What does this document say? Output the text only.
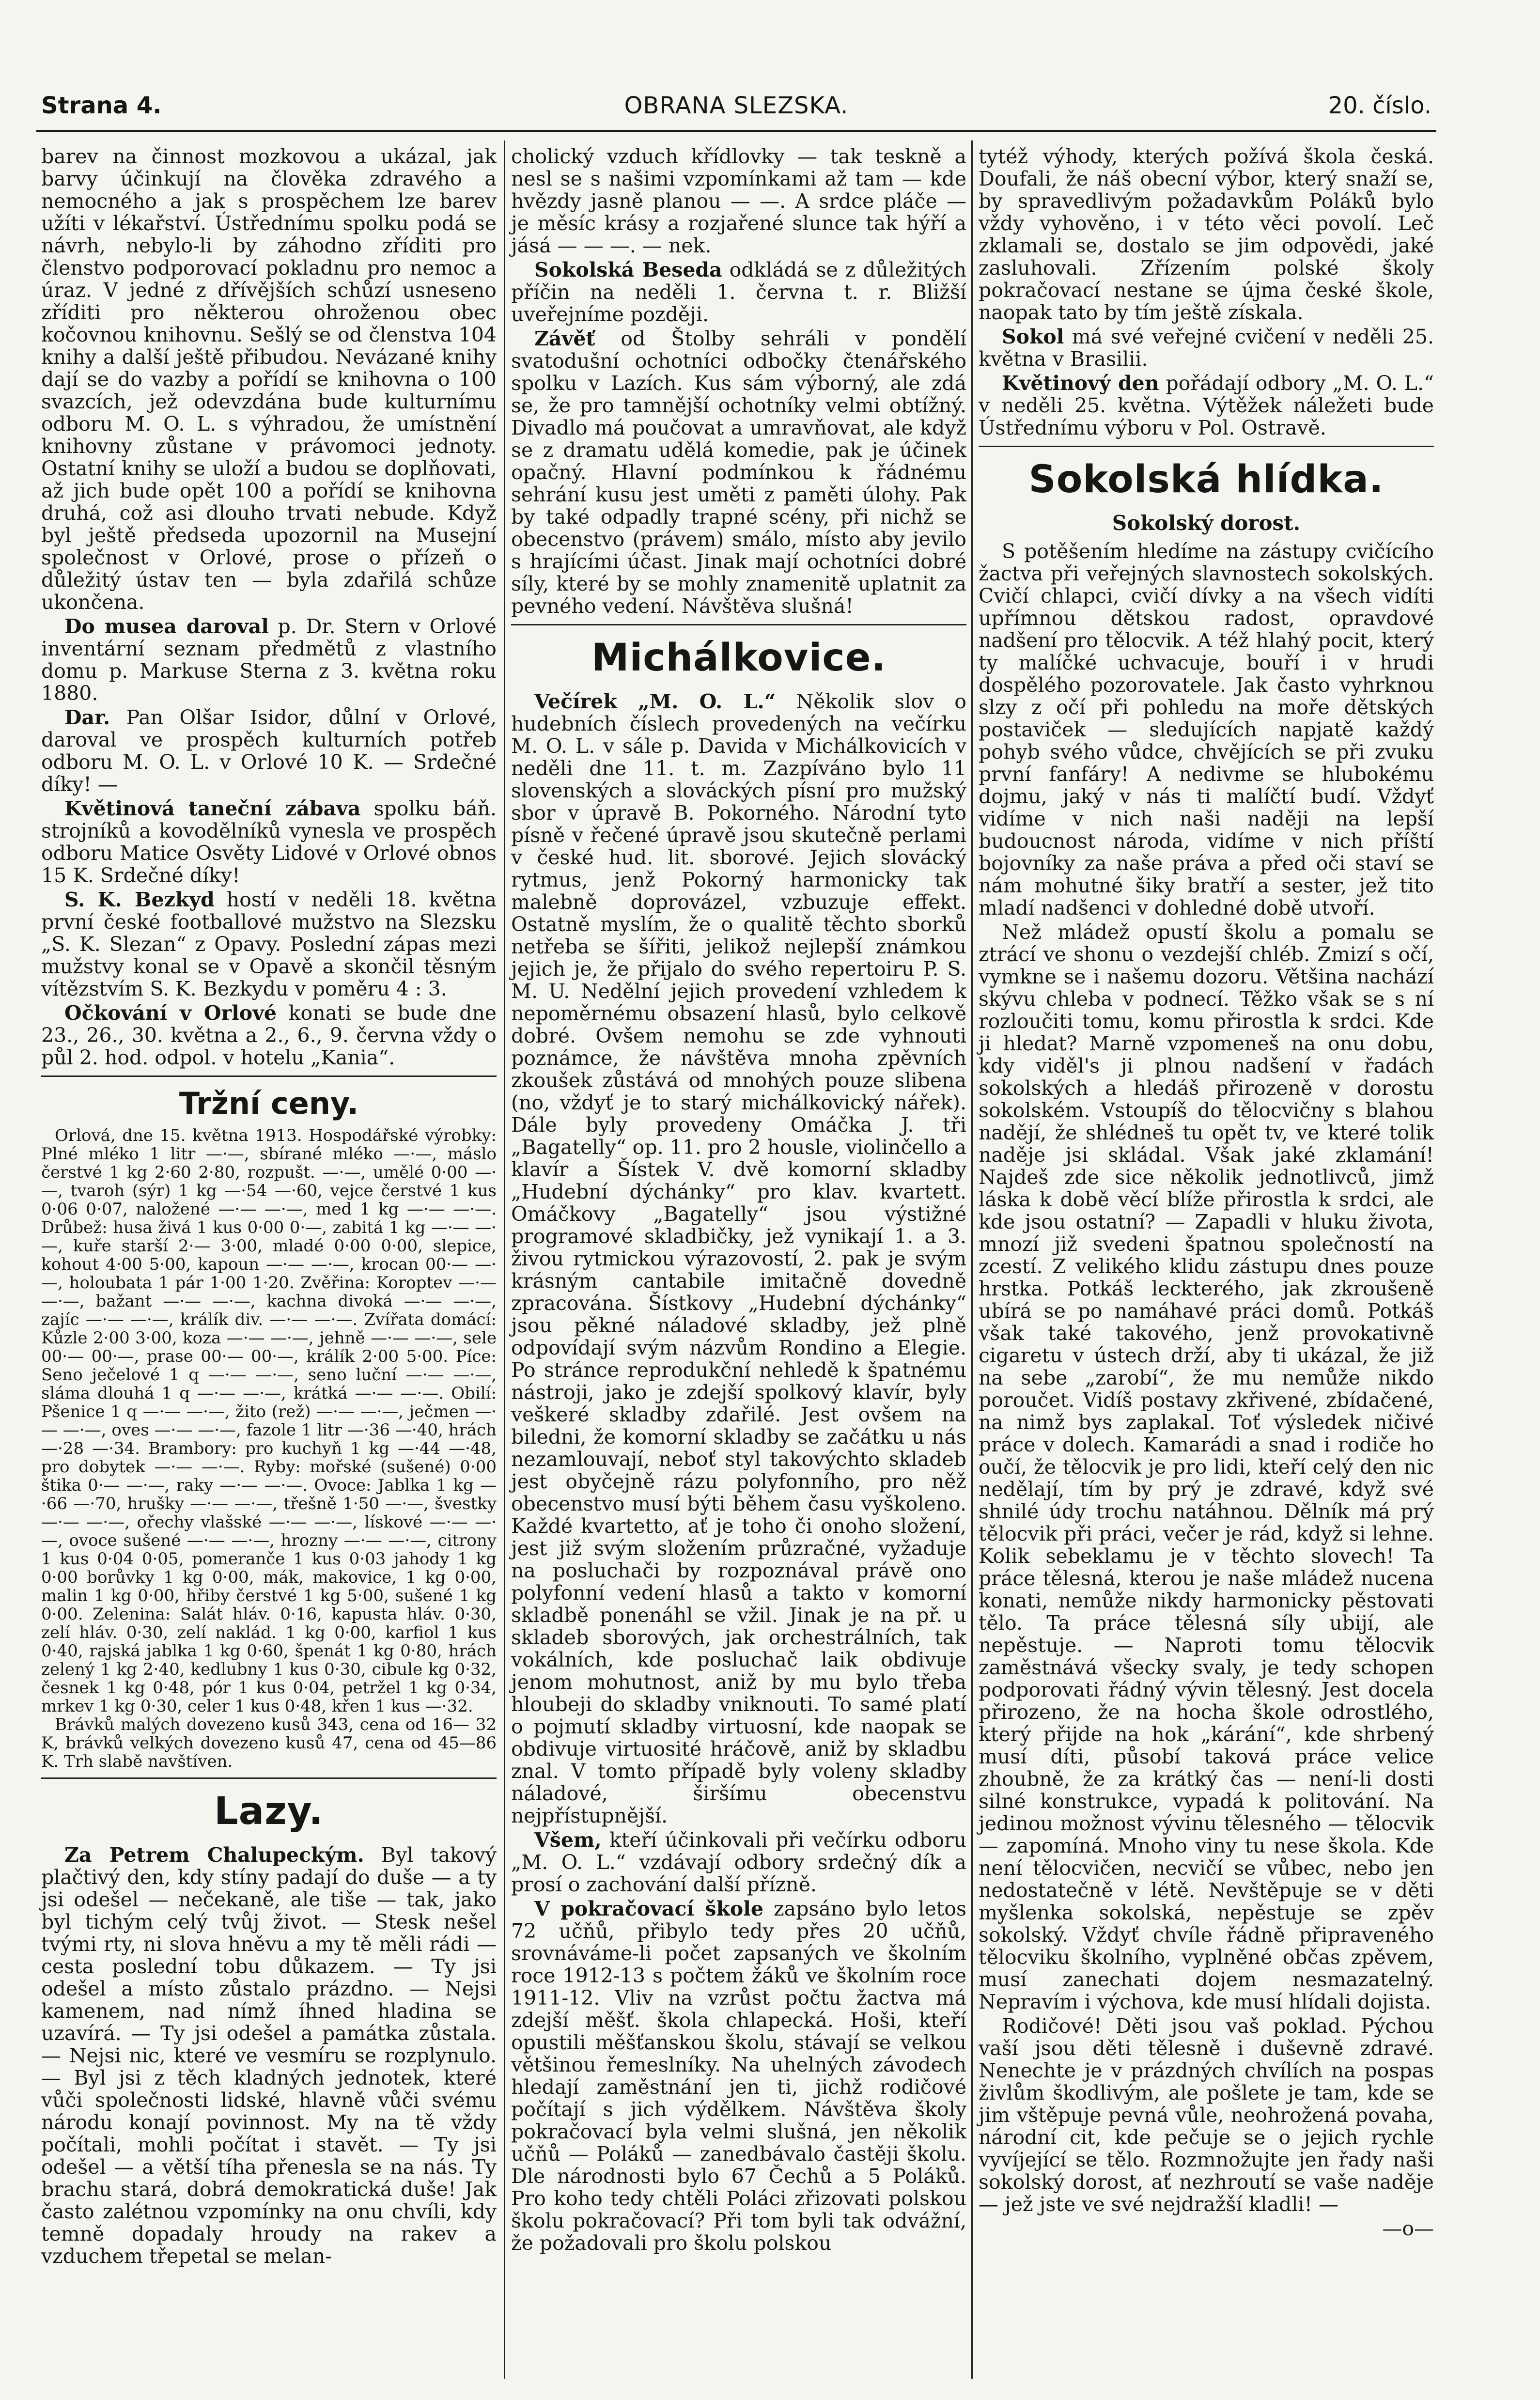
Strana 4.	OBRANA SLEZSKA.	20. číslo.

barev na činnost mozkovou a ukázal, jak barvy účinkují na člověka zdravého a nemocného a jak s prospěchem lze barev užíti v lékařství. Ústřednímu spolku podá se návrh, nebylo-li by záhodno zříditi pro členstvo podporovací pokladnu pro nemoc a úraz. V jedné z dřívějších schůzí usneseno zříditi pro některou ohroženou obec kočovnou knihovnu. Sešlý se od členstva 104 knihy a další ještě přibudou. Nevázané knihy dají se do vazby a pořídí se knihovna o 100 svazcích, jež odevzdána bude kulturnímu odboru M. O. L. s výhradou, že umístnění knihovny zůstane v právomoci jednoty. Ostatní knihy se uloží a budou se doplňovati, až jich bude opět 100 a pořídí se knihovna druhá, což asi dlouho trvati nebude. Když byl ještě předseda upozornil na Musejní společnost v Orlové, prose o přízeň o důležitý ústav ten — byla zdařilá schůze ukončena.

Do musea daroval p. Dr. Stern v Orlové inventární seznam předmětů z vlastního domu p. Markuse Sterna z 3. května roku 1880.

Dar. Pan Olšar Isidor, důlní v Orlové, daroval ve prospěch kulturních potřeb odboru M. O. L. v Orlové 10 K. — Srdečné díky! —

Květinová taneční zábava spolku báň. strojníků a kovodělníků vynesla ve prospěch odboru Matice Osvěty Lidové v Orlové obnos 15 K. Srdečné díky!

S. K. Bezkyd hostí v neděli 18. května první české footballové mužstvo na Slezsku „S. K. Slezan“ z Opavy. Poslední zápas mezi mužstvy konal se v Opavě a skončil těsným vítězstvím S. K. Bezkydu v poměru 4 : 3.

Očkování v Orlové konati se bude dne 23., 26., 30. května a 2., 6., 9. června vždy o půl 2. hod. odpol. v hotelu „Kania“.

Tržní ceny.

Orlová, dne 15. května 1913. Hospodářské výrobky: Plné mléko 1 litr —·—, sbírané mléko —·—, máslo čerstvé 1 kg 2·60 2·80, rozpušt. —·—, umělé 0·00 —·—, tvaroh (sýr) 1 kg —·54 —·60, vejce čerstvé 1 kus 0·06 0·07, naložené —·— —·—, med 1 kg —·— —·—. Drůbež: husa živá 1 kus 0·00 0·—, zabitá 1 kg —·— —·—, kuře starší 2·— 3·00, mladé 0·00 0·00, slepice, kohout 4·00 5·00, kapoun —·— —·—, krocan 00·— —·—, holoubata 1 pár 1·00 1·20. Zvěřina: Koroptev —·— —·—, bažant —·— —·—, kachna divoká —·— —·—, zajíc —·— —·—, králík div. —·— —·—. Zvířata domácí: Kůzle 2·00 3·00, koza —·— —·—, jehně —·— —·—, sele 00·— 00·—, prase 00·— 00·—, králík 2·00 5·00. Píce: Seno ječelové 1 q —·— —·—, seno luční —·— —·—, sláma dlouhá 1 q —·— —·—, krátká —·— —·—. Obilí: Pšenice 1 q —·— —·—, žito (rež) —·— —·—, ječmen —·— —·—, oves —·— —·—, fazole 1 litr —·36 —·40, hrách —·28 —·34. Brambory: pro kuchyň 1 kg —·44 —·48, pro dobytek —·— —·—. Ryby: mořské (sušené) 0·00 štika 0·— —·—, raky —·— —·—. Ovoce: Jablka 1 kg —·66 —·70, hrušky —·— —·—, třešně 1·50 —·—, švestky —·— —·—, ořechy vlašské —·— —·—, lískové —·— —·—, ovoce sušené —·— —·—, hrozny —·— —·—, citrony 1 kus 0·04 0·05, pomeranče 1 kus 0·03 jahody 1 kg 0·00 borůvky 1 kg 0·00, mák, makovice, 1 kg 0·00, malin 1 kg 0·00, hřiby čerstvé 1 kg 5·00, sušené 1 kg 0·00. Zelenina: Salát hláv. 0·16, kapusta hláv. 0·30, zelí hláv. 0·30, zelí naklád. 1 kg 0·00, karfiol 1 kus 0·40, rajská jablka 1 kg 0·60, špenát 1 kg 0·80, hrách zelený 1 kg 2·40, kedlubny 1 kus 0·30, cibule kg 0·32, česnek 1 kg 0·48, pór 1 kus 0·04, petržel 1 kg 0·34, mrkev 1 kg 0·30, celer 1 kus 0·48, křen 1 kus —·32.

Brávků malých dovezeno kusů 343, cena od 16— 32 K, brávků velkých dovezeno kusů 47, cena od 45—86 K. Trh slabě navštíven.

Lazy.

Za Petrem Chalupeckým. Byl takový plačtivý den, kdy stíny padají do duše — a ty jsi odešel — nečekaně, ale tiše — tak, jako byl tichým celý tvůj život. — Stesk nešel tvými rty, ni slova hněvu a my tě měli rádi — cesta poslední tobu důkazem. — Ty jsi odešel a místo zůstalo prázdno. — Nejsi kamenem, nad nímž íhned hladina se uzavírá. — Ty jsi odešel a památka zůstala. — Nejsi nic, které ve vesmíru se rozplynulo. — Byl jsi z těch kladných jednotek, které vůči společnosti lidské, hlavně vůči svému národu konají povinnost. My na tě vždy počítali, mohli počítat i stavět. — Ty jsi odešel — a větší tíha přenesla se na nás. Ty brachu stará, dobrá demokratická duše! Jak často zalétnou vzpomínky na onu chvíli, kdy temně dopadaly hroudy na rakev a vzduchem třepetal se melan-

cholický vzduch křídlovky — tak teskně a nesl se s našimi vzpomínkami až tam — kde hvězdy jasně planou — —. A srdce pláče — je měsíc krásy a rozjařené slunce tak hýří a jásá — — —. — nek.

Sokolská Beseda odkládá se z důležitých příčin na neděli 1. června t. r. Bližší uveřejníme později.

Závěť od Štolby sehráli v pondělí svatodušní ochotníci odbočky čtenářského spolku v Lazích. Kus sám výborný, ale zdá se, že pro tamnější ochotníky velmi obtížný. Divadlo má poučovat a umravňovat, ale když se z dramatu udělá komedie, pak je účinek opačný. Hlavní podmínkou k řádnému sehrání kusu jest uměti z paměti úlohy. Pak by také odpadly trapné scény, při nichž se obecenstvo (právem) smálo, místo aby jevilo s hrajícími účast. Jinak mají ochotníci dobré síly, které by se mohly znamenitě uplatnit za pevného vedení. Návštěva slušná!

Michálkovice.

Večírek „M. O. L.“ Několik slov o hudebních číslech provedených na večírku M. O. L. v sále p. Davida v Michálkovicích v neděli dne 11. t. m. Zazpíváno bylo 11 slovenských a slováckých písní pro mužský sbor v úpravě B. Pokorného. Národní tyto písně v řečené úpravě jsou skutečně perlami v české hud. lit. sborové. Jejich slovácký rytmus, jenž Pokorný harmonicky tak malebně doprovázel, vzbuzuje effekt. Ostatně myslím, že o qualitě těchto sborků netřeba se šířiti, jelikož nejlepší známkou jejich je, že přijalo do svého repertoiru P. S. M. U. Nedělní jejich provedení vzhledem k nepoměrnému obsazení hlasů, bylo celkově dobré. Ovšem nemohu se zde vyhnouti poznámce, že návštěva mnoha zpěvních zkoušek zůstává od mnohých pouze slibena (no, vždyť je to starý michálkovický nářek). Dále byly provedeny Omáčka J. tři „Bagatelly“ op. 11. pro 2 housle, violinčello a klavír a Šístek V. dvě komorní skladby „Hudební dýchánky“ pro klav. kvartett. Omáčkovy „Bagatelly“ jsou výstižné programové skladbičky, jež vynikají 1. a 3. živou rytmickou výrazovostí, 2. pak je svým krásným cantabile imitačně dovedně zpracována. Šístkovy „Hudební dýchánky“ jsou pěkné náladové skladby, jež plně odpovídají svým názvům Rondino a Elegie. Po stránce reprodukční nehledě k špatnému nástroji, jako je zdejší spolkový klavír, byly veškeré skladby zdařilé. Jest ovšem na biledni, že komorní skladby se začátku u nás nezamlouvají, neboť styl takovýchto skladeb jest obyčejně rázu polyfonního, pro něž obecenstvo musí býti během času vyškoleno. Každé kvartetto, ať je toho či onoho složení, jest již svým složením průzračné, vyžaduje na posluchači by rozpoznával právě ono polyfonní vedení hlasů a takto v komorní skladbě ponenáhl se vžil. Jinak je na př. u skladeb sborových, jak orchestrálních, tak vokálních, kde posluchač laik obdivuje jenom mohutnost, aniž by mu bylo třeba hloubeji do skladby vniknouti. To samé platí o pojmutí skladby virtuosní, kde naopak se obdivuje virtuosité hráčově, aniž by skladbu znal. V tomto případě byly voleny skladby náladové, širšímu obecenstvu nejpřístupnější.

Všem, kteří účinkovali při večírku odboru „M. O. L.“ vzdávají odbory srdečný dík a prosí o zachování další přízně.

V pokračovací škole zapsáno bylo letos 72 učňů, přibylo tedy přes 20 učňů, srovnáváme-li počet zapsaných ve školním roce 1912-13 s počtem žáků ve školním roce 1911-12. Vliv na vzrůst počtu žactva má zdejší měšť. škola chlapecká. Hoši, kteří opustili měšťanskou školu, stávají se velkou většinou řemeslníky. Na uhelných závodech hledají zaměstnání jen ti, jichž rodičové počítají s jich výdělkem. Návštěva školy pokračovací byla velmi slušná, jen několik učňů — Poláků — zanedbávalo častěji školu. Dle národnosti bylo 67 Čechů a 5 Poláků. Pro koho tedy chtěli Poláci zřizovati polskou školu pokračovací? Při tom byli tak odvážní, že požadovali pro školu polskou

tytéž výhody, kterých požívá škola česká. Doufali, že náš obecní výbor, který snaží se, by spravedlivým požadavkům Poláků bylo vždy vyhověno, i v této věci povolí. Leč zklamali se, dostalo se jim odpovědi, jaké zasluhovali. Zřízením polské školy pokračovací nestane se újma české škole, naopak tato by tím ještě získala.

Sokol má své veřejné cvičení v neděli 25. května v Brasilii.

Květinový den pořádají odbory „M. O. L.“ v neděli 25. května. Výtěžek náležeti bude Ústřednímu výboru v Pol. Ostravě.

Sokolská hlídka.
Sokolský dorost.

S potěšením hledíme na zástupy cvičícího žactva při veřejných slavnostech sokolských. Cvičí chlapci, cvičí dívky a na všech vidíti upřímnou dětskou radost, opravdové nadšení pro tělocvik. A též hlahý pocit, který ty malíčké uchvacuje, bouří i v hrudi dospělého pozorovatele. Jak často vyhrknou slzy z očí při pohledu na moře dětských postaviček — sledujících napjatě každý pohyb svého vůdce, chvějících se při zvuku první fanfáry! A nedivme se hlubokému dojmu, jaký v nás ti malíčtí budí. Vždyť vidíme v nich naši naději na lepší budoucnost národa, vidíme v nich příští bojovníky za naše práva a před oči staví se nám mohutné šiky bratří a sester, jež tito mladí nadšenci v dohledné době utvoří.

Než mládež opustí školu a pomalu se ztrácí ve shonu o vezdejší chléb. Zmizí s očí, vymkne se i našemu dozoru. Většina nachází skývu chleba v podnecí. Těžko však se s ní rozloučiti tomu, komu přirostla k srdci. Kde ji hledat? Marně vzpomeneš na onu dobu, kdy viděl's ji plnou nadšení v řadách sokolských a hledáš přirozeně v dorostu sokolském. Vstoupíš do tělocvičny s blahou nadějí, že shlédneš tu opět tv, ve které tolik naděje jsi skládal. Však jaké zklamání! Najdeš zde sice několik jednotlivců, jimž láska k době věcí blíže přirostla k srdci, ale kde jsou ostatní? — Zapadli v hluku života, mnozí již svedeni špatnou společností na zcestí. Z velikého klidu zástupu dnes pouze hrstka. Potkáš leckterého, jak zkroušeně ubírá se po namáhavé práci domů. Potkáš však také takového, jenž provokativně cigaretu v ústech drží, aby ti ukázal, že již na sebe „zarobí“, že mu nemůže nikdo poroučet. Vidíš postavy zkřivené, zbídačené, na nimž bys zaplakal. Toť výsledek ničivé práce v dolech. Kamarádi a snad i rodiče ho oučí, že tělocvik je pro lidi, kteří celý den nic nedělají, tím by prý je zdravé, když své shnilé údy trochu natáhnou. Dělník má prý tělocvik při práci, večer je rád, když si lehne. Kolik sebeklamu je v těchto slovech! Ta práce tělesná, kterou je naše mládež nucena konati, nemůže nikdy harmonicky pěstovati tělo. Ta práce tělesná síly ubijí, ale nepěstuje. — Naproti tomu tělocvik zaměstnává všecky svaly, je tedy schopen podporovati řádný vývin tělesný. Jest docela přirozeno, že na hocha škole odrostlého, který přijde na hok „kárání“, kde shrbený musí díti, působí taková práce velice zhoubně, že za krátký čas — není-li dosti silné konstrukce, vypadá k politování. Na jedinou možnost vývinu tělesného — tělocvik — zapomíná. Mnoho viny tu nese škola. Kde není tělocvičen, necvičí se vůbec, nebo jen nedostatečně v létě. Nevštěpuje se v děti myšlenka sokolská, nepěstuje se zpěv sokolský. Vždyť chvíle řádně připraveného tělocviku školního, vyplněné občas zpěvem, musí zanechati dojem nesmazatelný. Nepravím i výchova, kde musí hlídali dojista.

Rodičové! Děti jsou vaš poklad. Pýchou vaší jsou děti tělesně i duševně zdravé. Nenechte je v prázdných chvílích na pospas živlům škodlivým, ale pošlete je tam, kde se jim vštěpuje pevná vůle, neohrožená povaha, národní cit, kde pečuje se o jejich rychle vyvíjející se tělo. Rozmnožujte jen řady naši sokolský dorost, ať nezhroutí se vaše naděje — jež jste ve své nejdražší kladli! —

—o—
